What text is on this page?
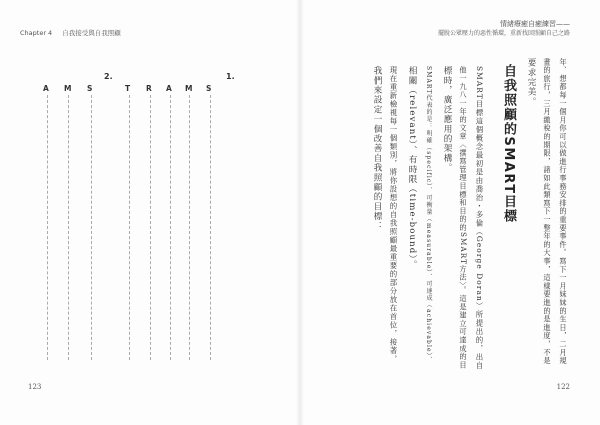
Chapter 4 自我接受與自我照顧
1.
S
M
A
R
T
2.
S
M
A
123
情緒療癒自癒練習——
擺脫公眾壓力的惡性循環，重新找回照顧自己之路
年、想都每一個月你可以做進行事務安排的重要事件。寫下一月妹妹的生日，二月規
畫的旅行，三月繳稅的期限，諸如此類寫下一整年的大事，這樣要進的是進度，不是
要求完美。
自我照顧的SMART目標
SMART目標這個概念最初是由喬治・多倫（George Doran）所提出的，出自
他一九八一年的文章〈撰寫管理目標和目的的SMART方法〉。這是建立可達成的目
標時，廣泛應用的架構。
SMART代表的是：明確（specific）、可衡量（measurable）、可達成（achievable）、
相關（relevant）、有時限（time-bound）。
現在重新檢視每一個類別，將你設想的自我照顧最重要的部分放在首位，接著，
我們來設定一個改善自我照顧的目標：
122
